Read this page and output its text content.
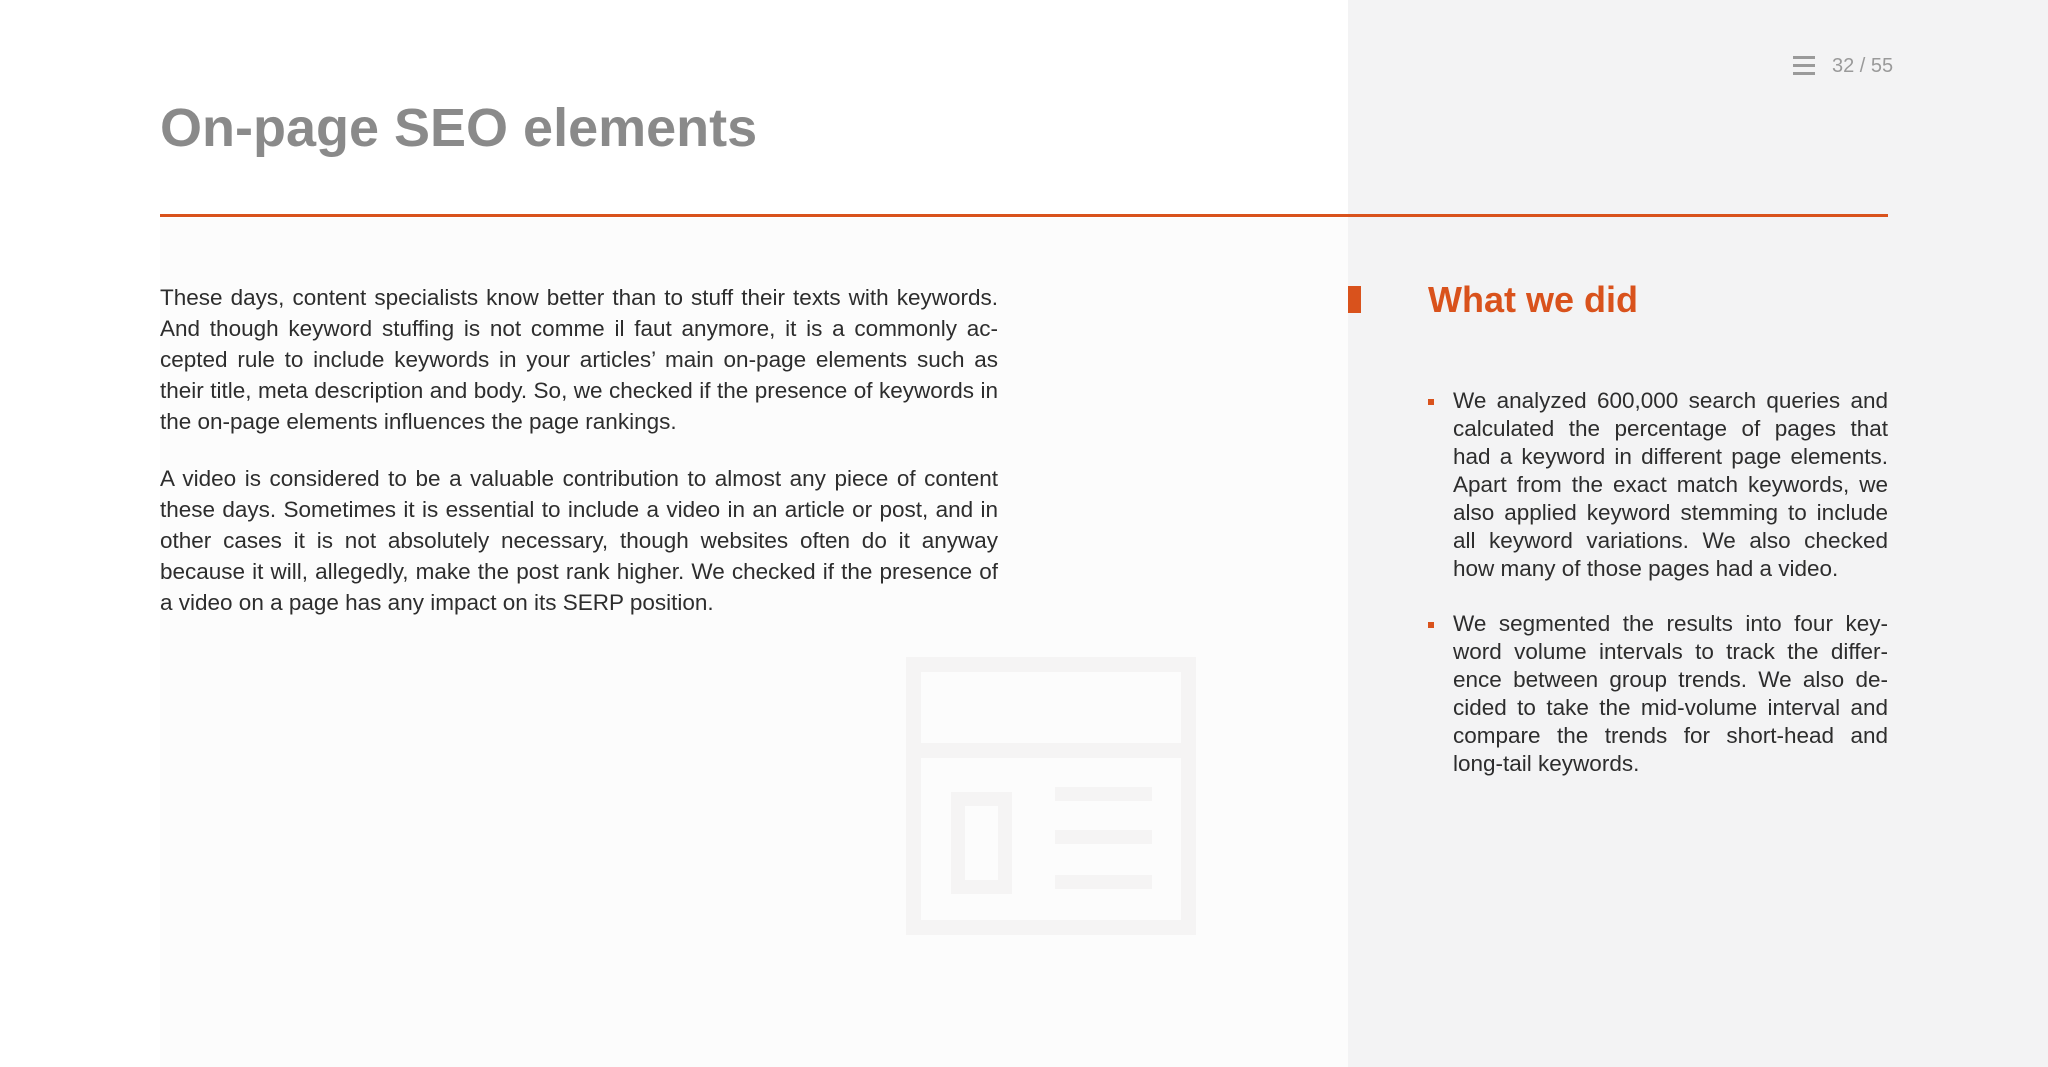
32 / 55
On-page SEO elements

These days, content specialists know better than to stuff their texts with keywords. And though keyword stuffing is not comme il faut anymore, it is a commonly accepted rule to include keywords in your articles’ main on-page elements such as their title, meta description and body. So, we checked if the presence of keywords in the on-page elements influences the page rankings.

A video is considered to be a valuable contribution to almost any piece of content these days. Sometimes it is essential to include a video in an article or post, and in other cases it is not absolutely necessary, though websites often do it anyway because it will, allegedly, make the post rank higher. We checked if the presence of a video on a page has any impact on its SERP position.

What we did
We analyzed 600,000 search queries and calculated the percentage of pages that had a keyword in different page elements. Apart from the exact match keywords, we also applied keyword stemming to include all keyword variations. We also checked how many of those pages had a video.
We segmented the results into four keyword volume intervals to track the difference between group trends. We also decided to take the mid-volume interval and compare the trends for short-head and long-tail keywords.
